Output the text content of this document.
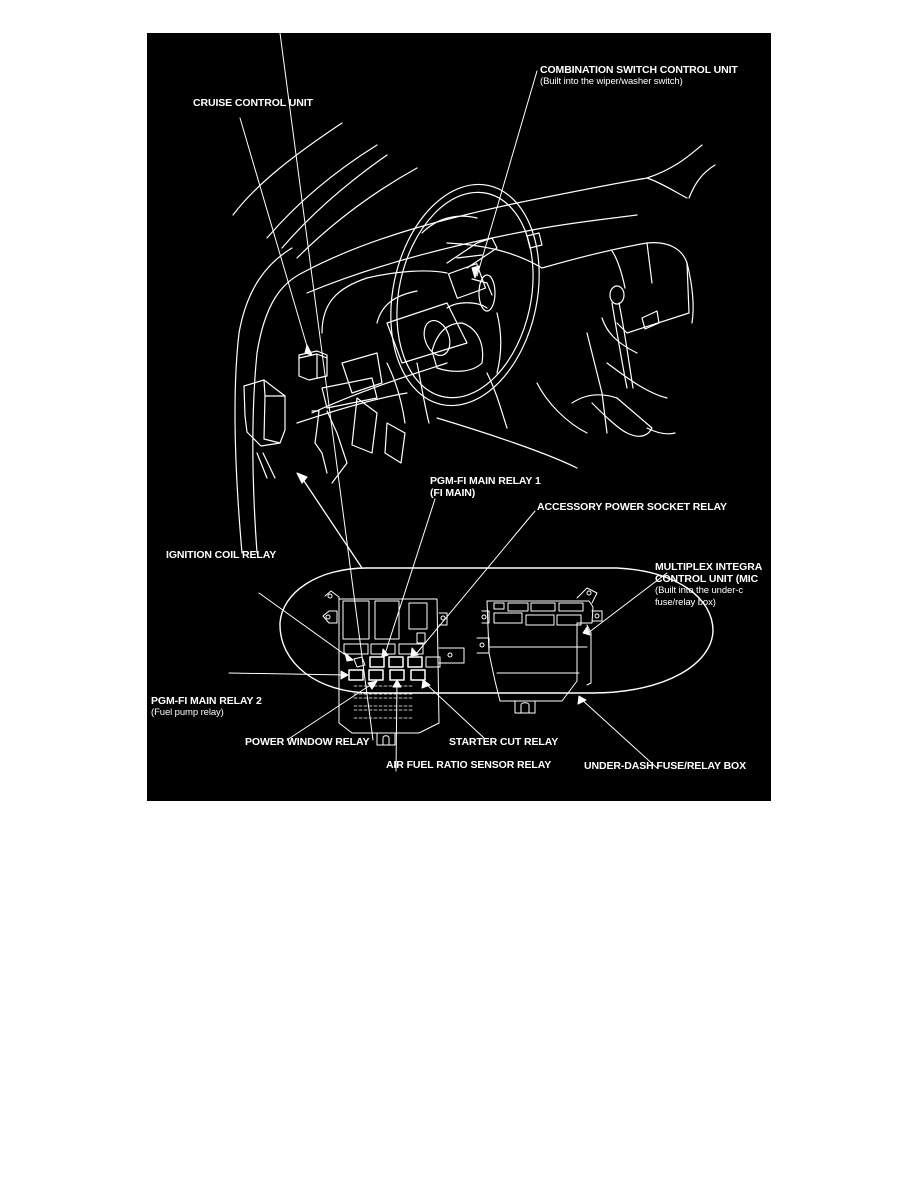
CRUISE CONTROL UNIT
COMBINATION SWITCH CONTROL UNIT
(Built into the wiper/washer switch)
PGM-FI MAIN RELAY 1
(FI MAIN)
ACCESSORY POWER SOCKET RELAY
IGNITION COIL RELAY
MULTIPLEX INTEGRA
CONTROL UNIT (MIC
(Built into the under-c
fuse/relay box)
PGM-FI MAIN RELAY 2
(Fuel pump relay)
POWER WINDOW RELAY	STARTER CUT RELAY
AIR FUEL RATIO SENSOR RELAY	UNDER-DASH FUSE/RELAY BOX
